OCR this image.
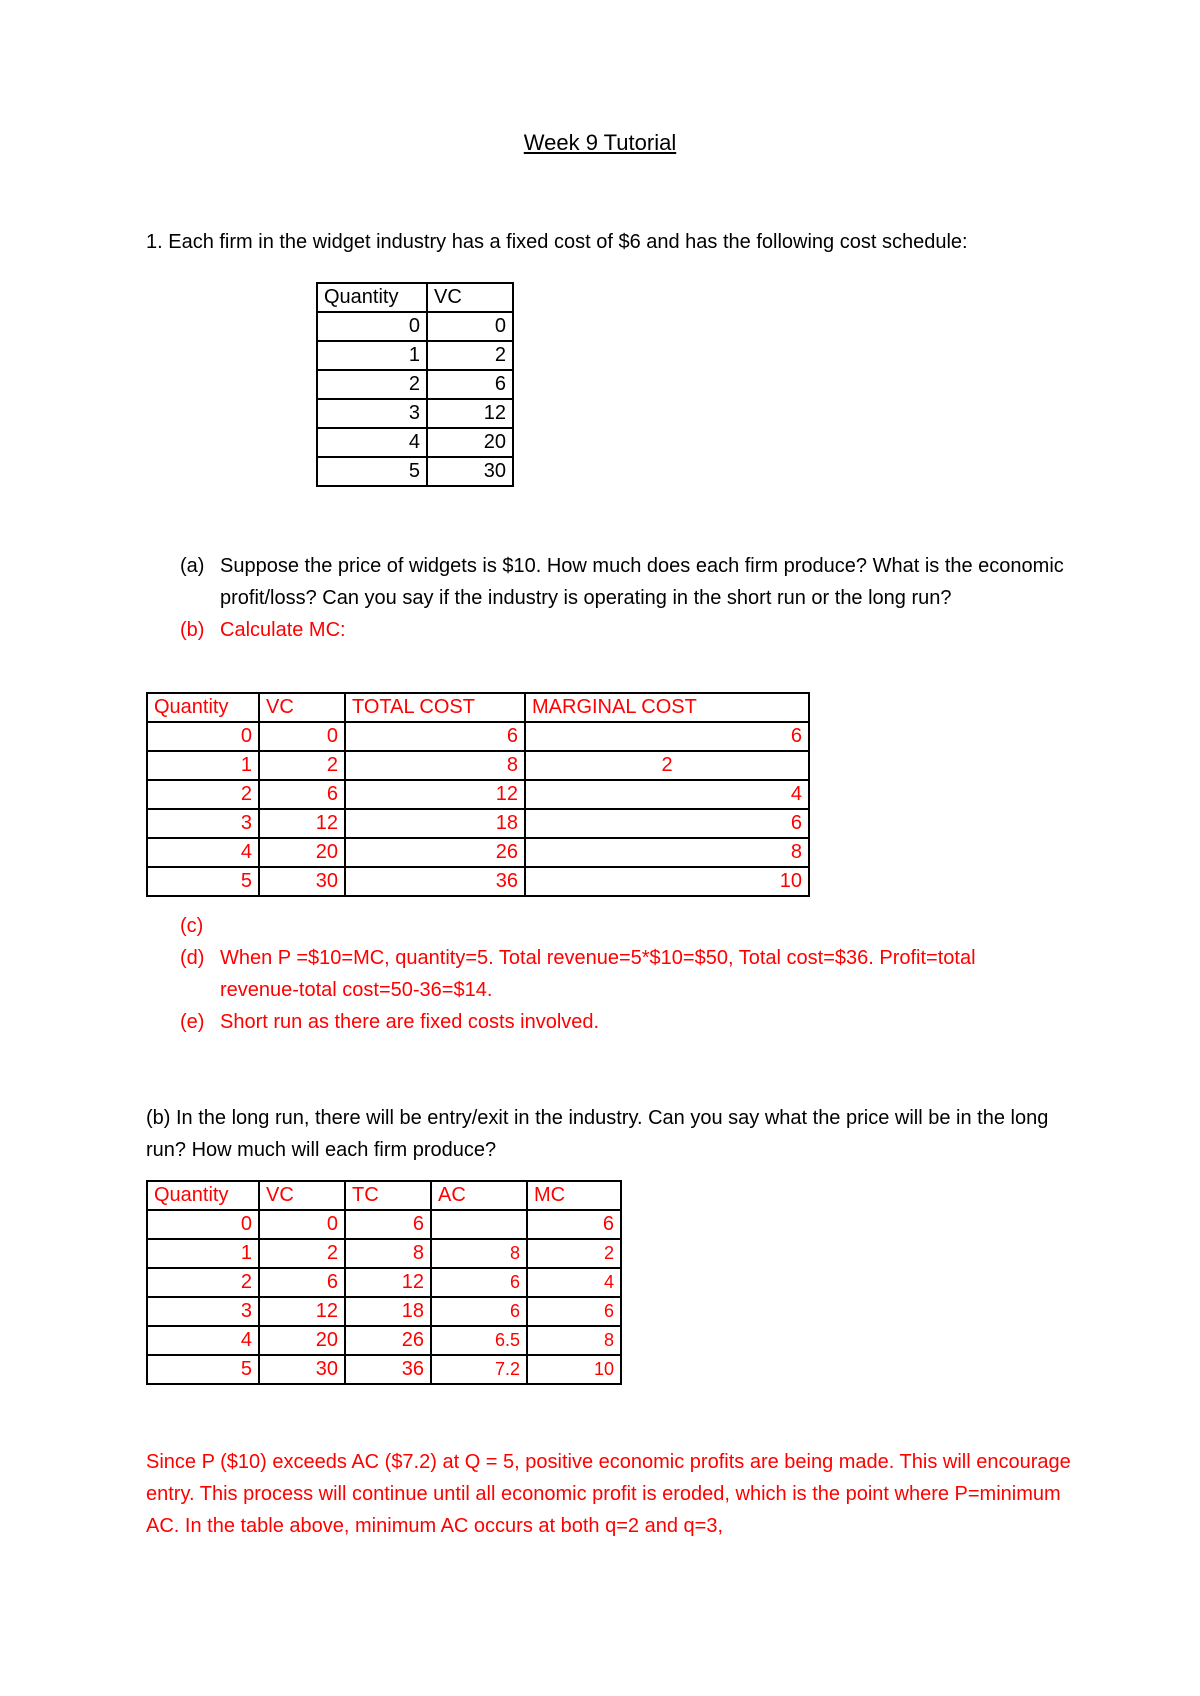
Week 9 Tutorial
1. Each firm in the widget industry has a fixed cost of $6 and has the following cost schedule:
Quantity	VC
0	0
1	2
2	6
3	12
4	20
5	30
(a) Suppose the price of widgets is $10. How much does each firm produce? What is the economic profit/loss? Can you say if the industry is operating in the short run or the long run?
(b) Calculate MC:
Quantity	VC	TOTAL COST	MARGINAL COST
0	0	6	6
1	2	8	2
2	6	12	4
3	12	18	6
4	20	26	8
5	30	36	10
(c)
(d) When P =$10=MC, quantity=5. Total revenue=5*$10=$50, Total cost=$36. Profit=total revenue-total cost=50-36=$14.
(e) Short run as there are fixed costs involved.
(b) In the long run, there will be entry/exit in the industry. Can you say what the price will be in the long run? How much will each firm produce?
Quantity	VC	TC	AC	MC
0	0	6		6
1	2	8	8	2
2	6	12	6	4
3	12	18	6	6
4	20	26	6.5	8
5	30	36	7.2	10
Since P ($10) exceeds AC ($7.2) at Q = 5, positive economic profits are being made. This will encourage entry. This process will continue until all economic profit is eroded, which is the point where P=minimum AC. In the table above, minimum AC occurs at both q=2 and q=3,
